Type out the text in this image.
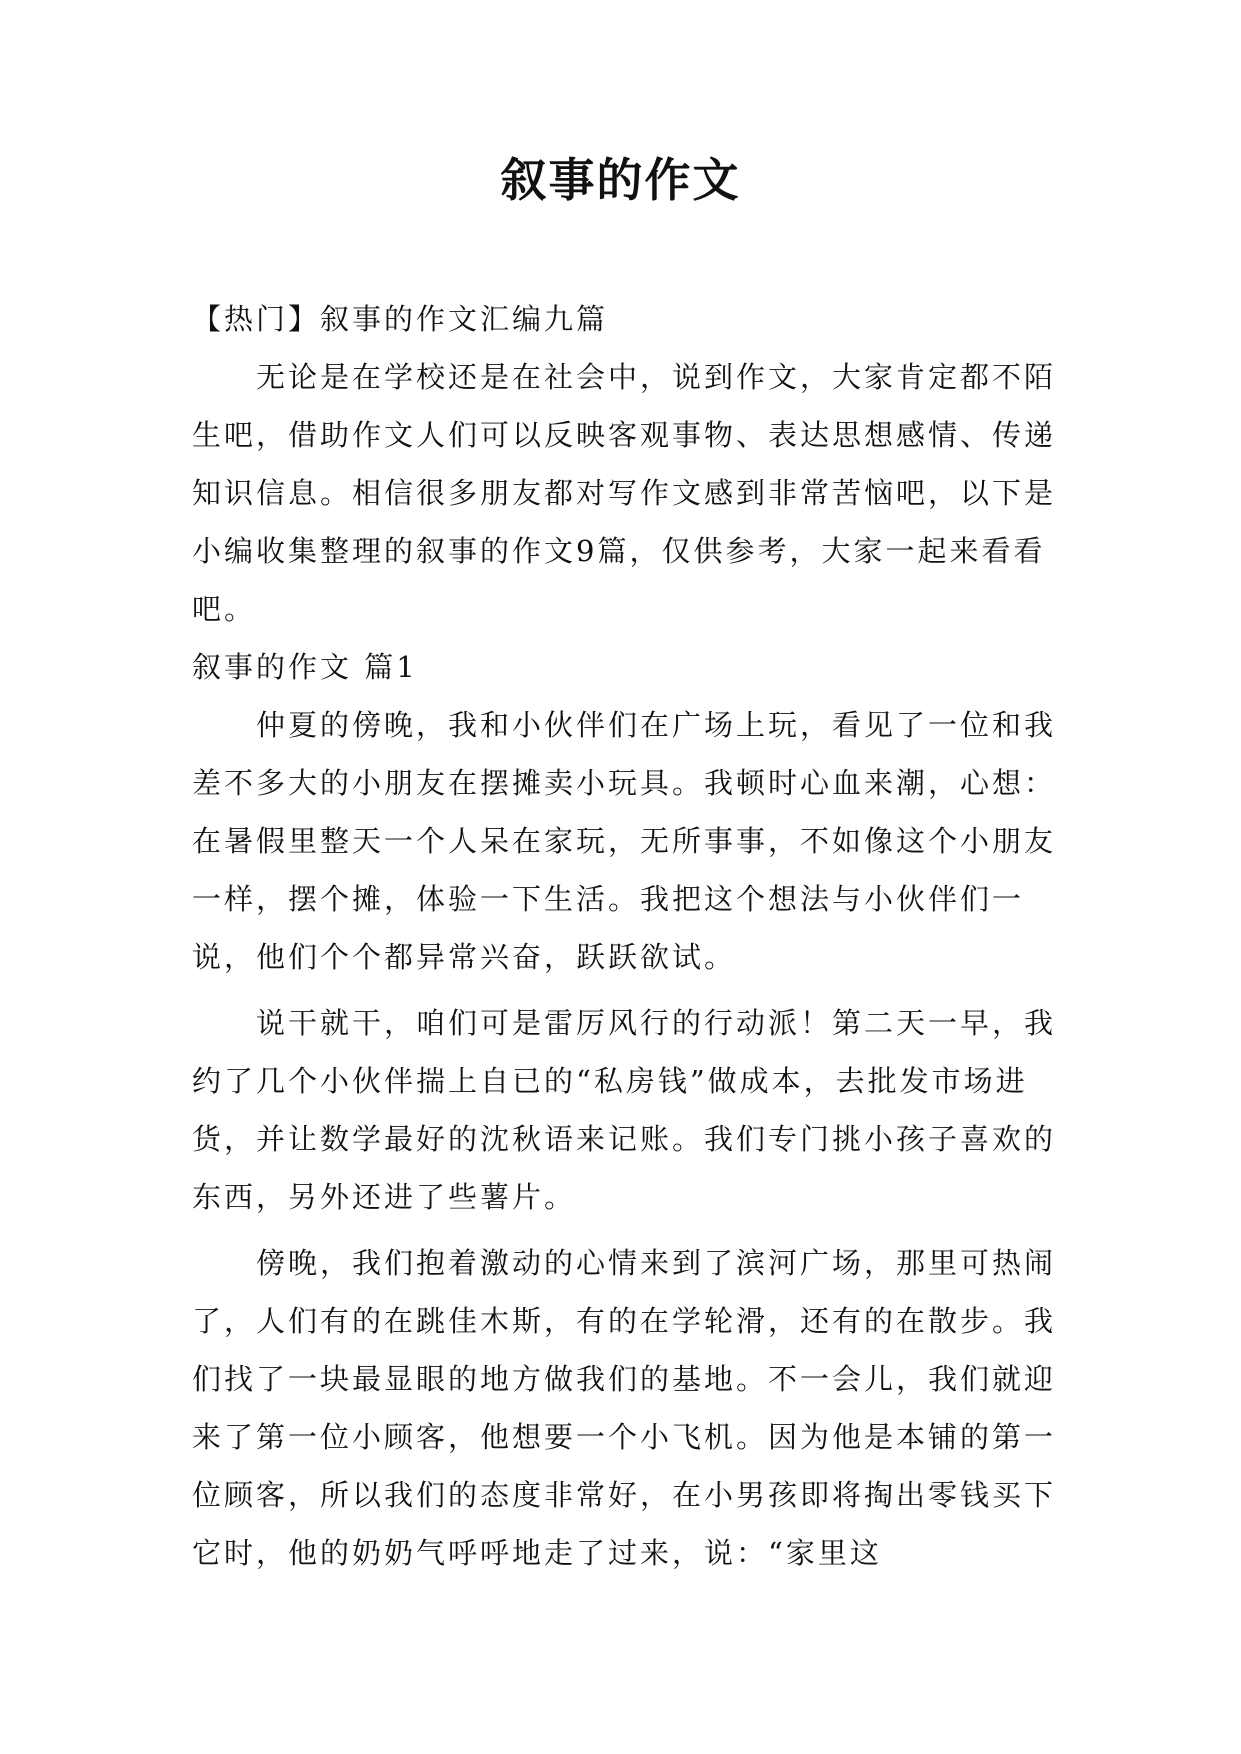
叙事的作文

【热门】叙事的作文汇编九篇

无论是在学校还是在社会中，说到作文，大家肯定都不陌生吧，借助作文人们可以反映客观事物、表达思想感情、传递知识信息。相信很多朋友都对写作文感到非常苦恼吧，以下是小编收集整理的叙事的作文9篇，仅供参考，大家一起来看看吧。

叙事的作文 篇1

仲夏的傍晚，我和小伙伴们在广场上玩，看见了一位和我差不多大的小朋友在摆摊卖小玩具。我顿时心血来潮，心想：在暑假里整天一个人呆在家玩，无所事事，不如像这个小朋友一样，摆个摊，体验一下生活。我把这个想法与小伙伴们一说，他们个个都异常兴奋，跃跃欲试。

说干就干，咱们可是雷厉风行的行动派！第二天一早，我约了几个小伙伴揣上自已的“私房钱”做成本，去批发市场进货，并让数学最好的沈秋语来记账。我们专门挑小孩子喜欢的东西，另外还进了些薯片。

傍晚，我们抱着激动的心情来到了滨河广场，那里可热闹了，人们有的在跳佳木斯，有的在学轮滑，还有的在散步。我们找了一块最显眼的地方做我们的基地。不一会儿，我们就迎来了第一位小顾客，他想要一个小飞机。因为他是本铺的第一位顾客，所以我们的态度非常好，在小男孩即将掏出零钱买下它时，他的奶奶气呼呼地走了过来，说：“家里这
